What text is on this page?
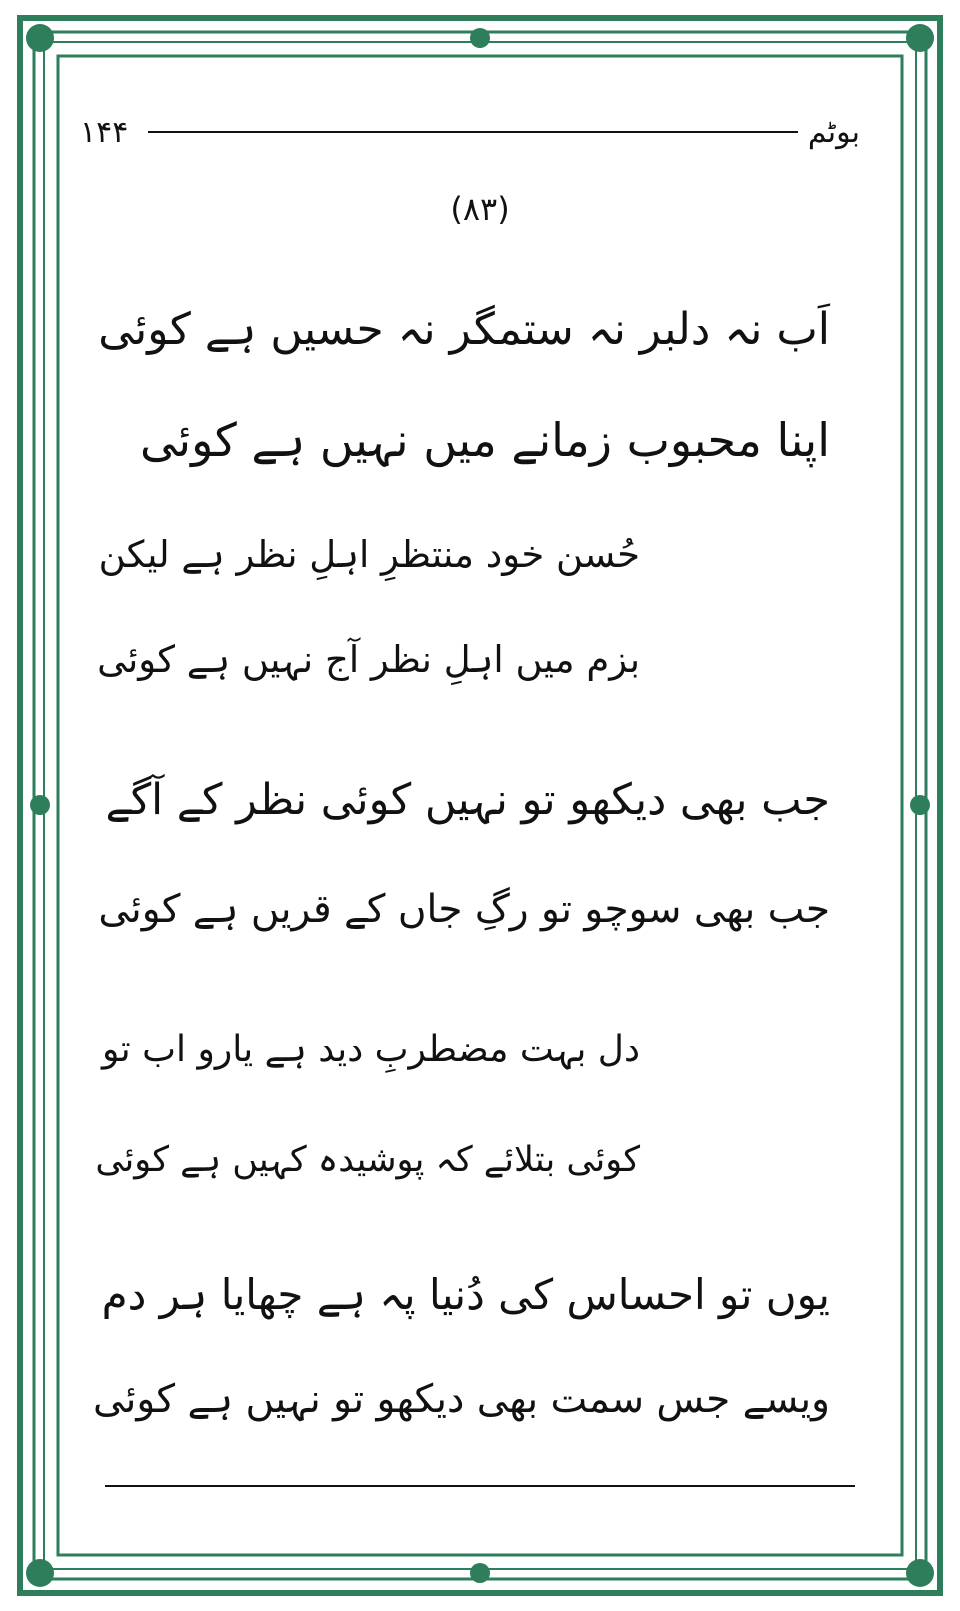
۱۴۴	بوٹم
(۸۳)
اَب نہ دلبر نہ ستمگر نہ حسیں ہے کوئی
اپنا محبوب زمانے میں نہیں ہے کوئی
حُسن خود منتظرِ اہلِ نظر ہے لیکن
بزم میں اہلِ نظر آج نہیں ہے کوئی
جب بھی دیکھو تو نہیں کوئی نظر کے آگے
جب بھی سوچو تو رگِ جاں کے قریں ہے کوئی
دل بہت مضطربِ دید ہے یارو اب تو
کوئی بتلائے کہ پوشیدہ کہیں ہے کوئی
یوں تو احساس کی دُنیا پہ ہے چھایا ہر دم
ویسے جس سمت بھی دیکھو تو نہیں ہے کوئی
